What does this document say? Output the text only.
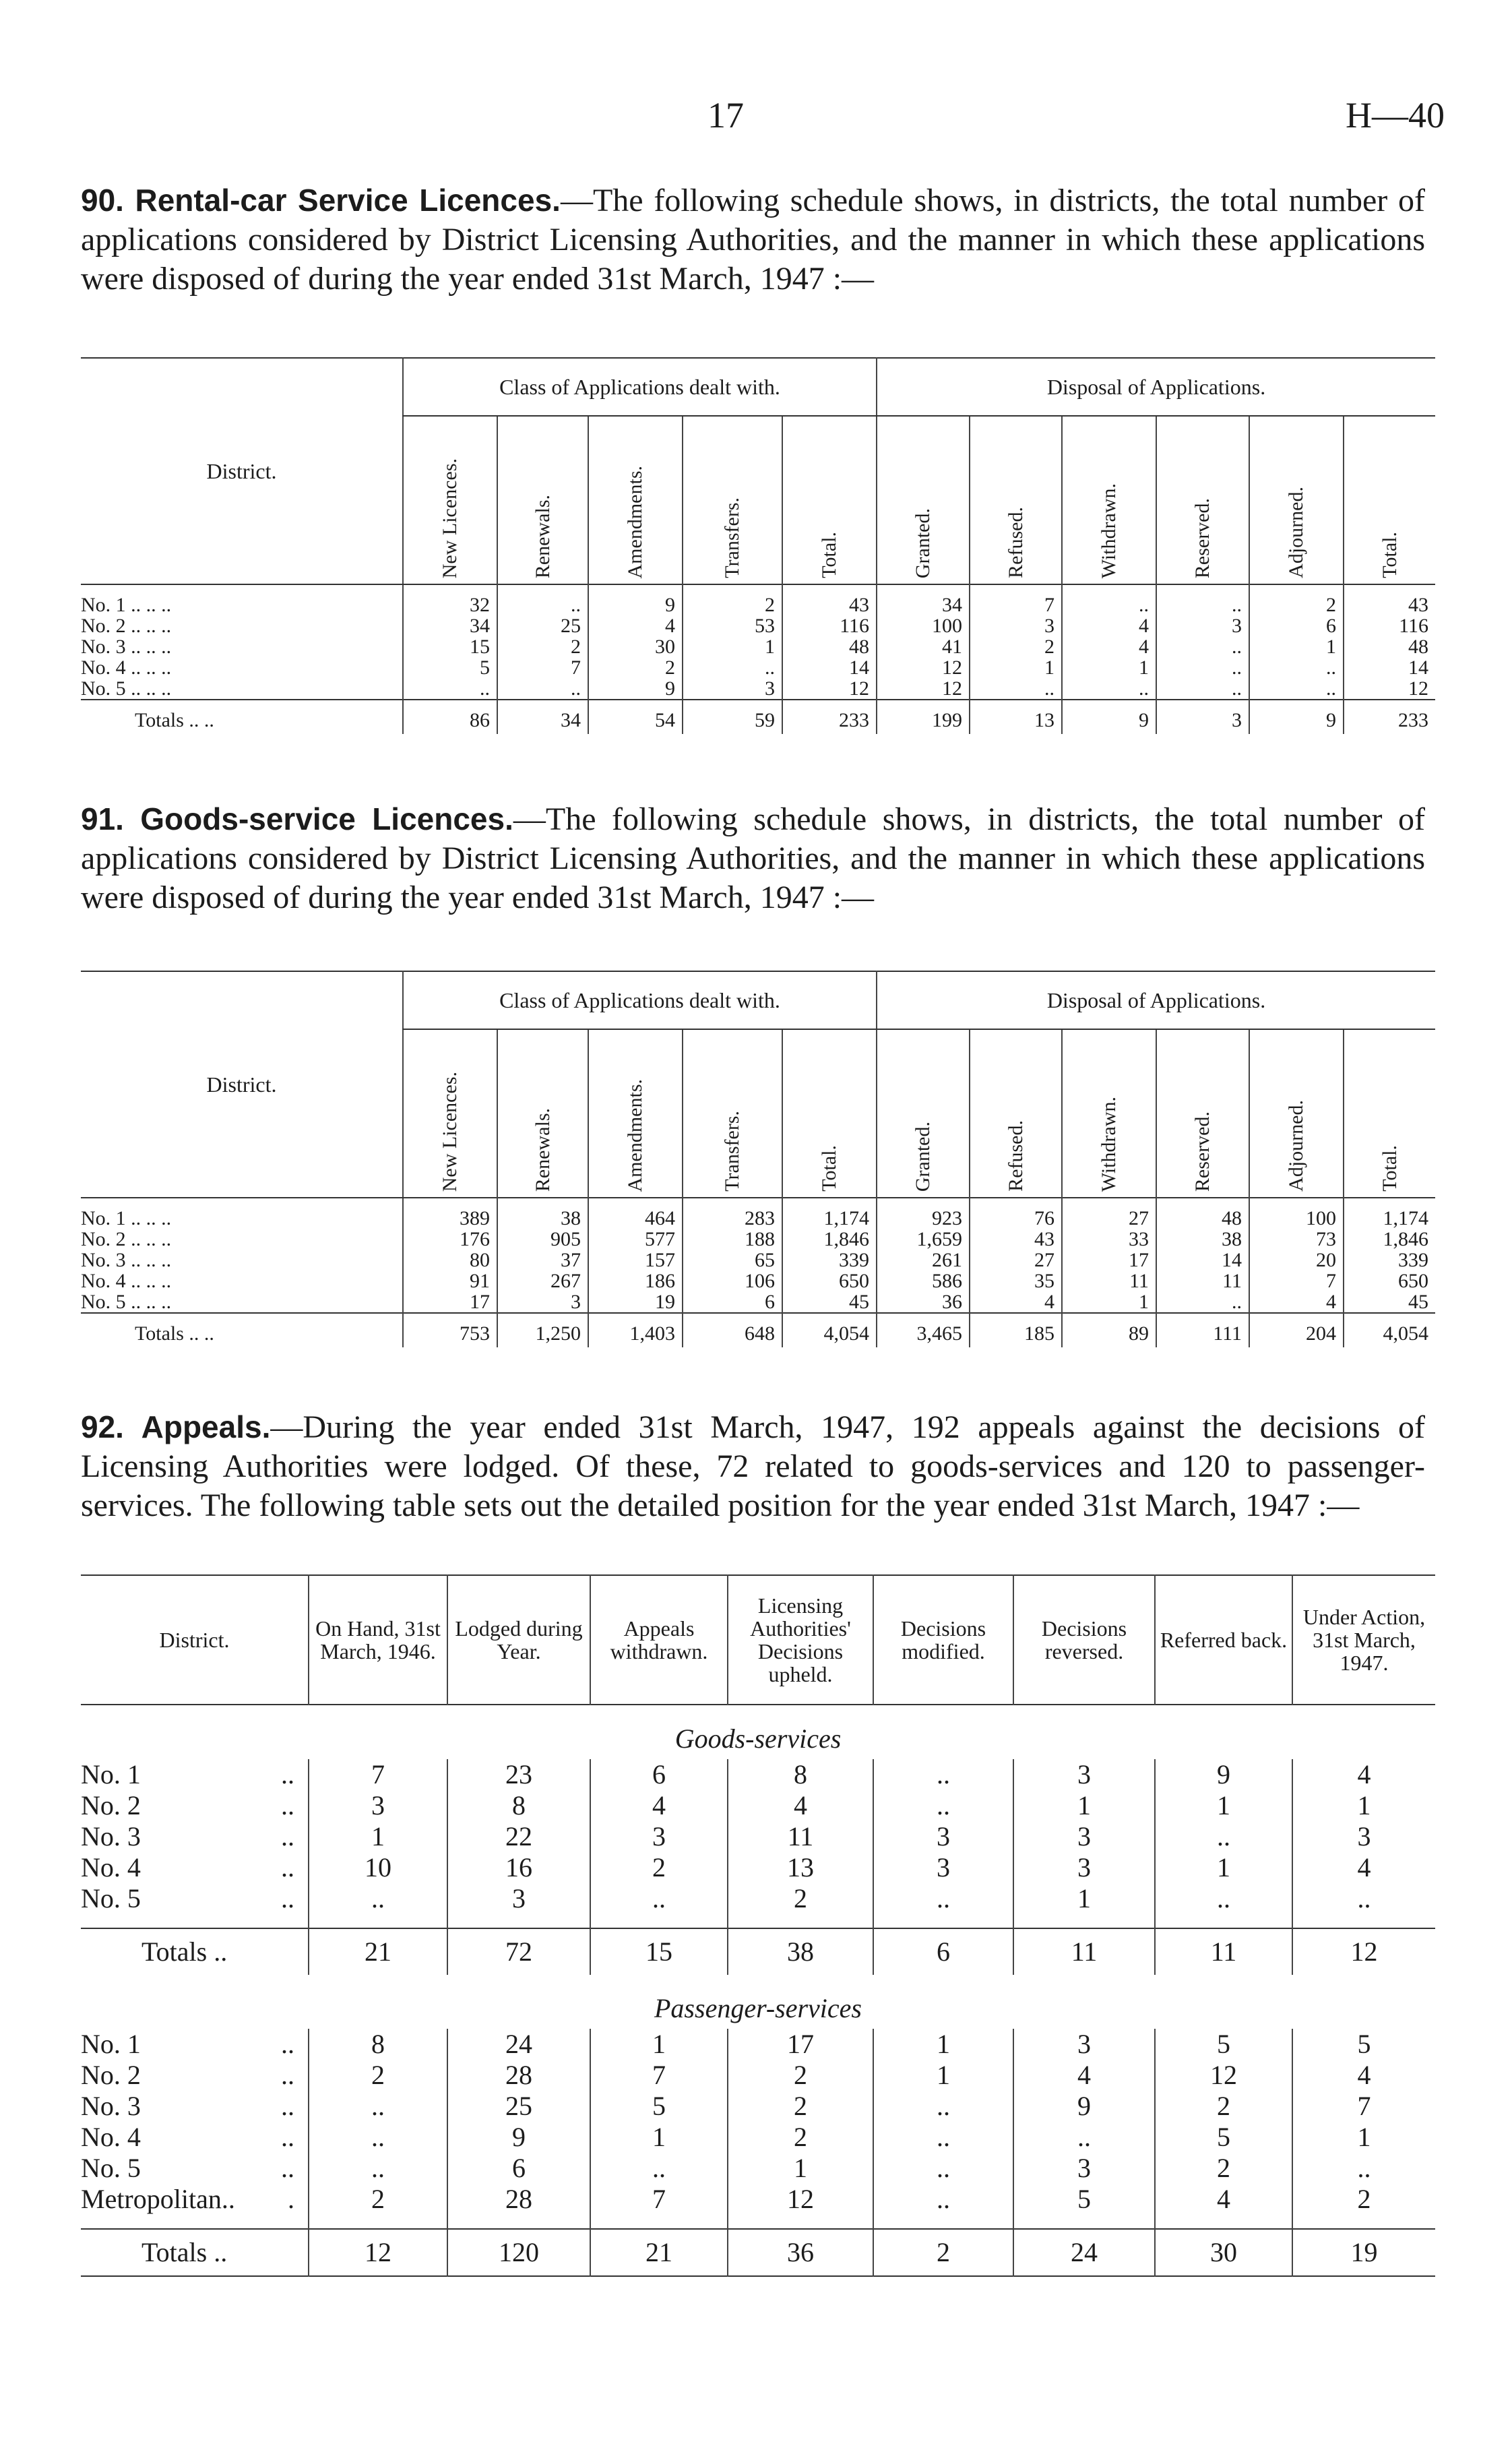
17	H—40

90. Rental-car Service Licences.—The following schedule shows, in districts, the total number of applications considered by District Licensing Authorities, and the manner in which these applications were disposed of during the year ended 31st March, 1947 :—

District.	Class of Applications dealt with.					Disposal of Applications.					
	New Licences.	Renewals.	Amendments.	Transfers.	Total.	Granted.	Refused.	Withdrawn.	Reserved.	Adjourned.	Total.
No. 1 .. .. ..	32	..	9	2	43	34	7	..	..	2	43
No. 2 .. .. ..	34	25	4	53	116	100	3	4	3	6	116
No. 3 .. .. ..	15	2	30	1	48	41	2	4	..	1	48
No. 4 .. .. ..	5	7	2	..	14	12	1	1	..	..	14
No. 5 .. .. ..	..	..	9	3	12	12	..	..	..	..	12
Totals .. ..	86	34	54	59	233	199	13	9	3	9	233

91. Goods-service Licences.—The following schedule shows, in districts, the total number of applications considered by District Licensing Authorities, and the manner in which these applications were disposed of during the year ended 31st March, 1947 :—

District.	Class of Applications dealt with.					Disposal of Applications.					
	New Licences.	Renewals.	Amendments.	Transfers.	Total.	Granted.	Refused.	Withdrawn.	Reserved.	Adjourned.	Total.
No. 1 .. .. ..	389	38	464	283	1,174	923	76	27	48	100	1,174
No. 2 .. .. ..	176	905	577	188	1,846	1,659	43	33	38	73	1,846
No. 3 .. .. ..	80	37	157	65	339	261	27	17	14	20	339
No. 4 .. .. ..	91	267	186	106	650	586	35	11	11	7	650
No. 5 .. .. ..	17	3	19	6	45	36	4	1	..	4	45
Totals .. ..	753	1,250	1,403	648	4,054	3,465	185	89	111	204	4,054

92. Appeals.—During the year ended 31st March, 1947, 192 appeals against the decisions of Licensing Authorities were lodged. Of these, 72 related to goods-services and 120 to passenger-services. The following table sets out the detailed position for the year ended 31st March, 1947 :—

District.	On Hand, 31st March, 1946.	Lodged during Year.	Appeals withdrawn.	Licensing Authorities' Decisions upheld.	Decisions modified.	Decisions reversed.	Referred back.	Under Action, 31st March, 1947.
Goods-services								
No. 1 ..	7	23	6	8	..	3	9	4
No. 2 ..	3	8	4	4	..	1	1	1
No. 3 ..	1	22	3	11	3	3	..	3
No. 4 ..	10	16	2	13	3	3	1	4
No. 5 ..	..	3	..	2	..	1	..	..

Totals ..	21	72	15	38	6	11	11	12
Passenger-services								
No. 1 ..	8	24	1	17	1	3	5	5
No. 2 ..	2	28	7	2	1	4	12	4
No. 3 ..	..	25	5	2	..	9	2	7
No. 4 ..	..	9	1	2	..	..	5	1
No. 5 ..	..	6	..	1	..	3	2	..
Metropolitan.. .	2	28	7	12	..	5	4	2

Totals ..	12	120	21	36	2	24	30	19
